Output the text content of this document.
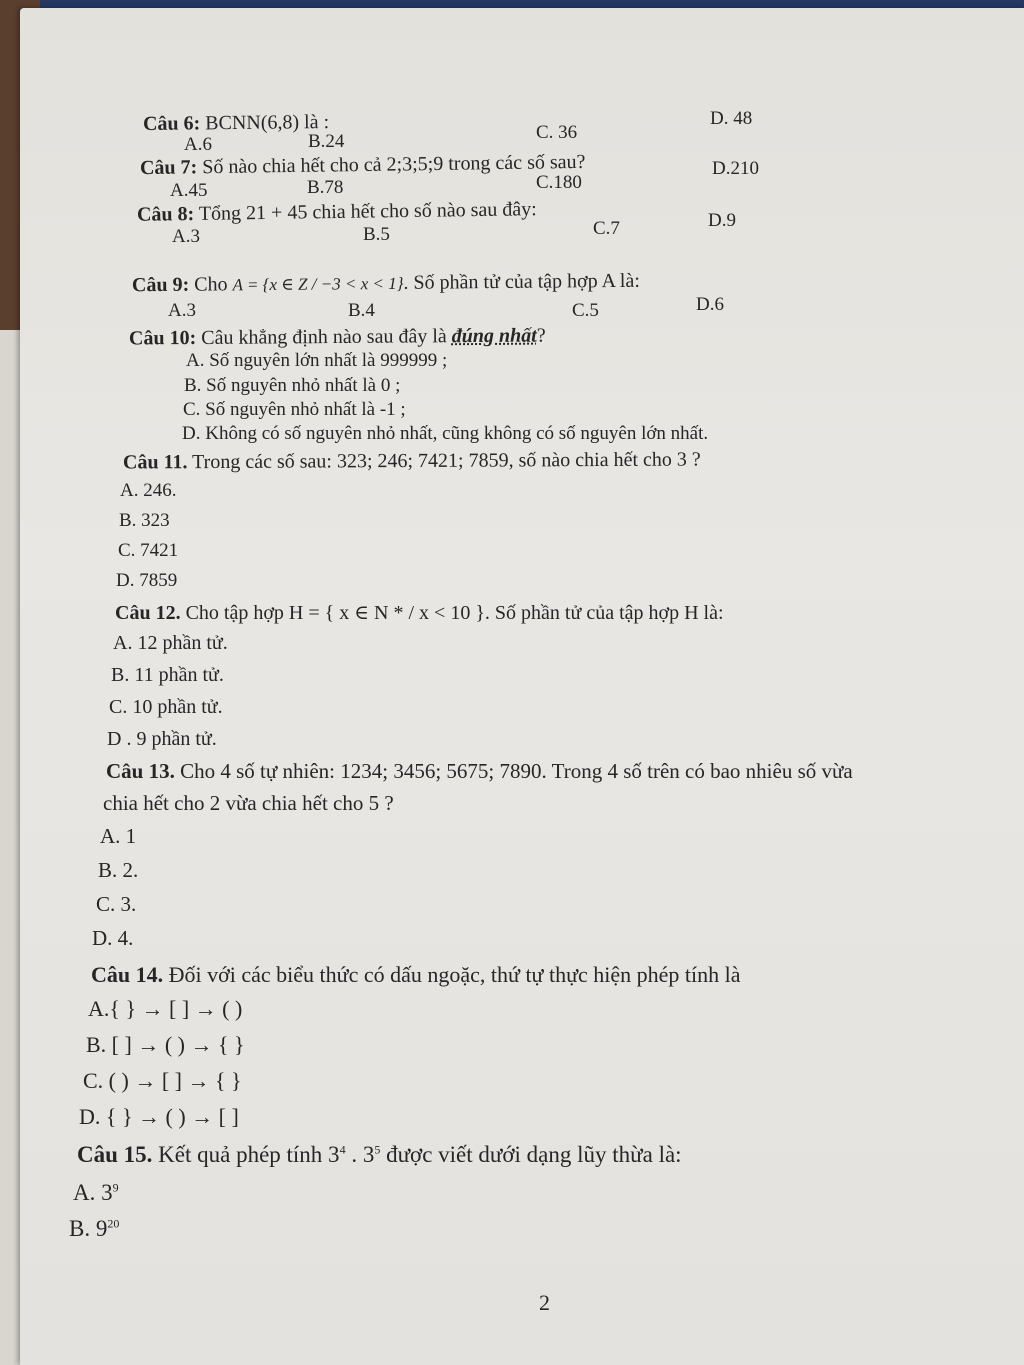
Câu 6: BCNN(6,8) là :
A.6	B.24	C. 36
D. 48
Câu 7: Số nào chia hết cho cả 2;3;5;9 trong các số sau?
A.45	B.78	C.180
D.210
Câu 8: Tổng 21 + 45 chia hết cho số nào sau đây:
A.3	B.5	C.7	D.9
Câu 9: Cho A = {x ∈ Z / −3 < x < 1}. Số phần tử của tập hợp A là:
A.3	B.4	C.5	D.6
Câu 10: Câu khẳng định nào sau đây là đúng nhất?
A. Số nguyên lớn nhất là 999999 ;
B. Số nguyên nhỏ nhất là 0 ;
C. Số nguyên nhỏ nhất là -1 ;
D. Không có số nguyên nhỏ nhất, cũng không có số nguyên lớn nhất.
Câu 11. Trong các số sau: 323; 246; 7421; 7859, số nào chia hết cho 3 ?
A. 246.
B. 323
C. 7421
D. 7859
Câu 12. Cho tập hợp H = { x ∈ N * / x < 10 }. Số phần tử của tập hợp H là:
A. 12 phần tử.
B. 11 phần tử.
C. 10 phần tử.
D . 9 phần tử.
Câu 13. Cho 4 số tự nhiên: 1234; 3456; 5675; 7890. Trong 4 số trên có bao nhiêu số vừa
chia hết cho 2 vừa chia hết cho 5 ?
A. 1
B. 2.
C. 3.
D. 4.
Câu 14. Đối với các biểu thức có dấu ngoặc, thứ tự thực hiện phép tính là
A.{ } → [ ] → ( )
B. [ ] → ( ) → { }
C. ( ) → [ ] → { }
D. { } → ( ) → [ ]
Câu 15. Kết quả phép tính $3^4$ . $3^5$ được viết dưới dạng lũy thừa là:
A. $3^9$
B. $9^{20}$
2
